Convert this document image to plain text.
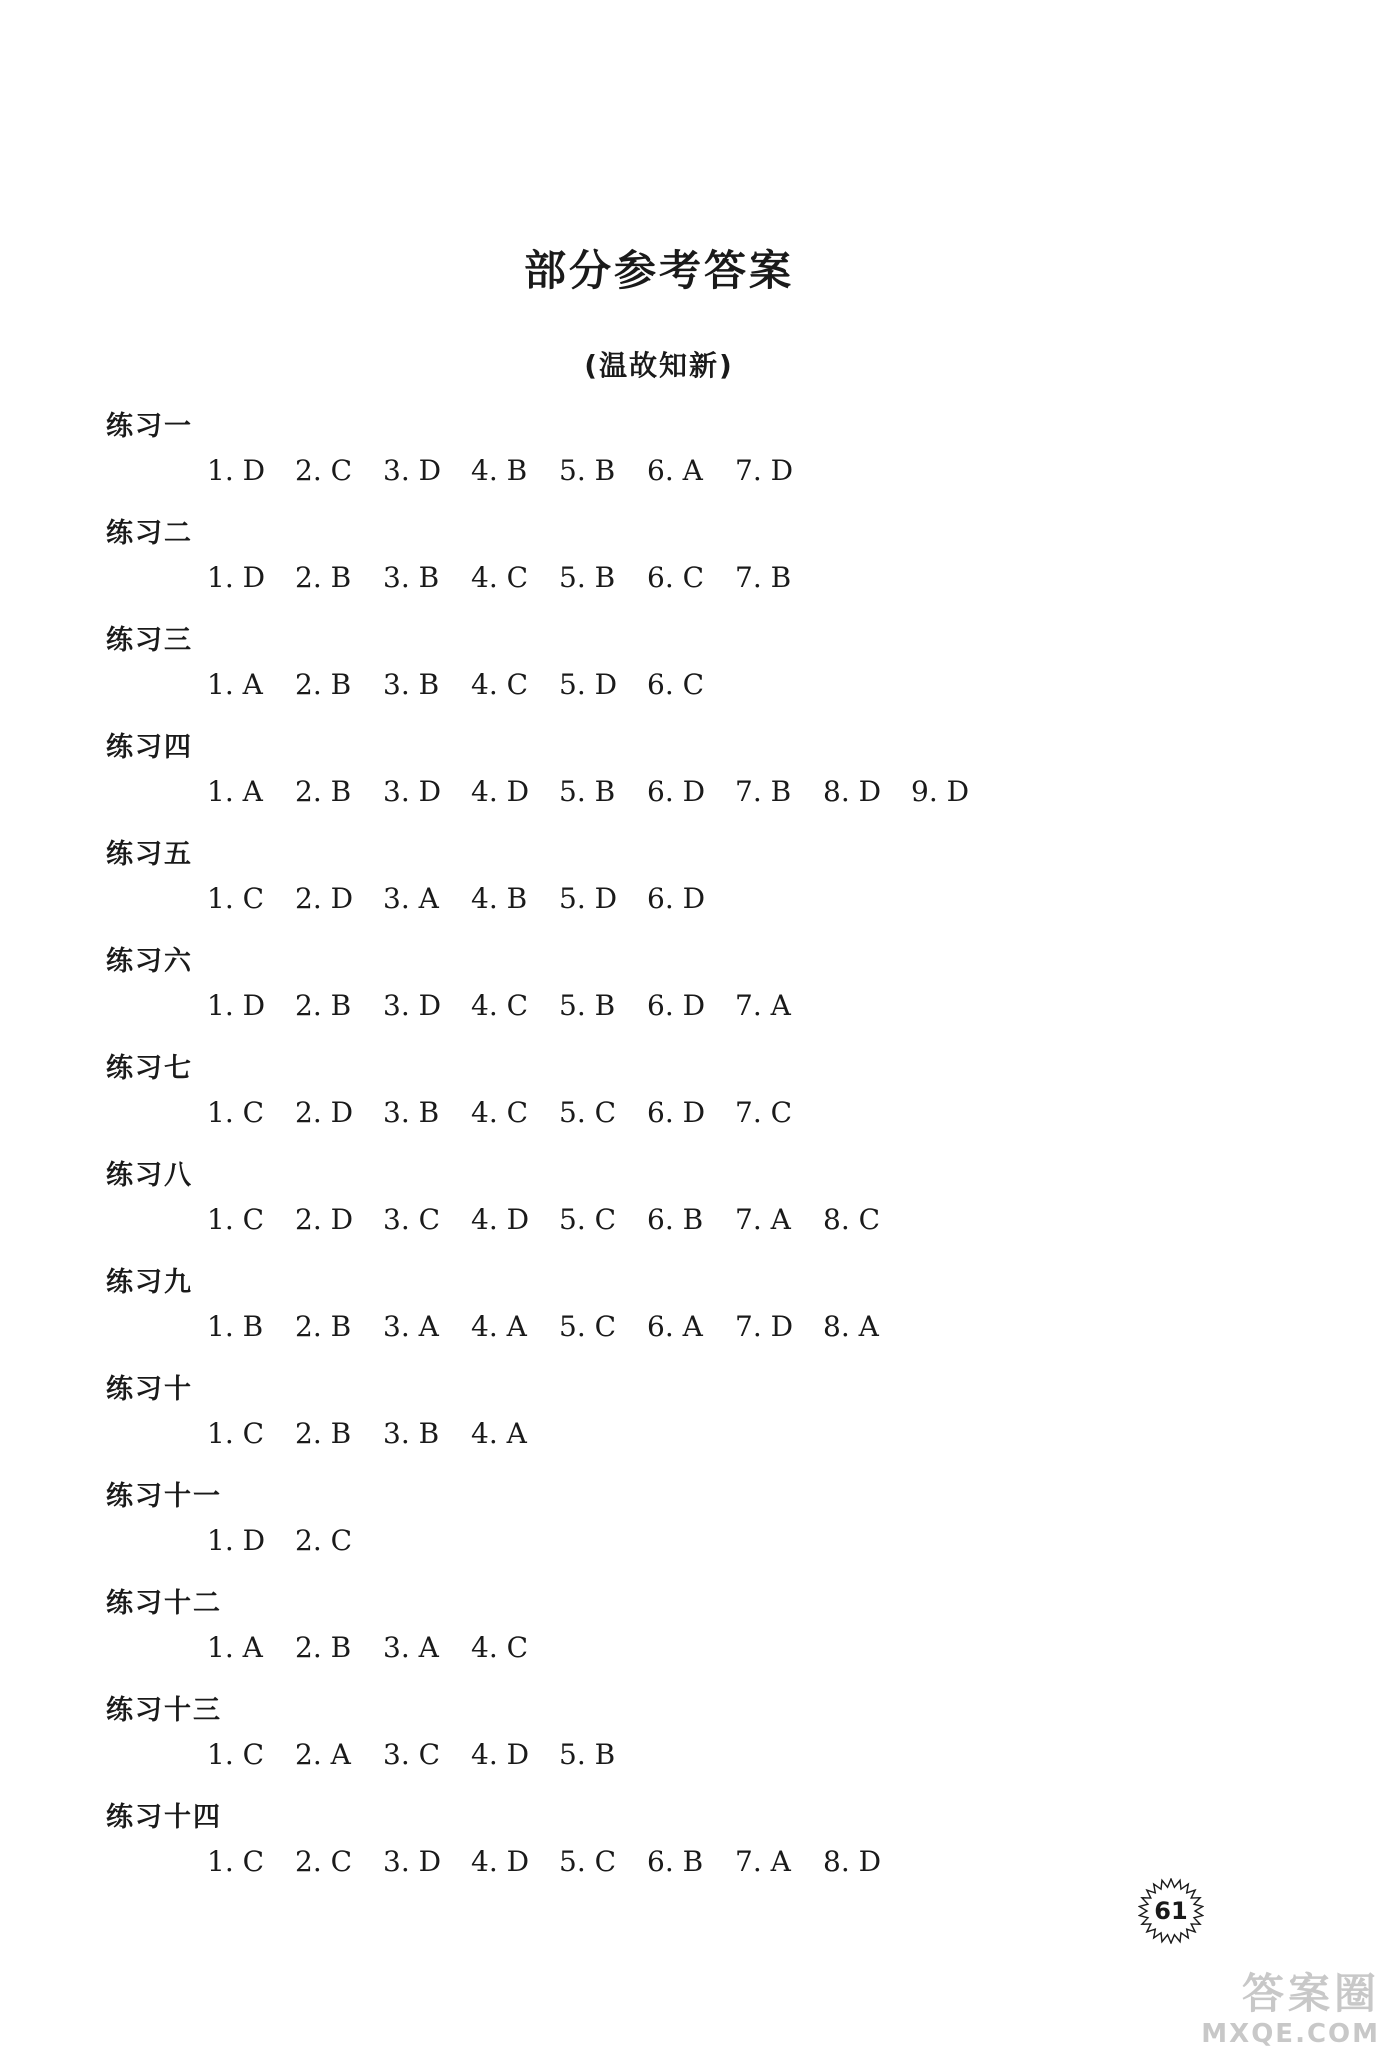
部分参考答案
(温故知新)
练习一
1. D	2. C	3. D	4. B	5. B	6. A	7. D
练习二
1. D	2. B	3. B	4. C	5. B	6. C	7. B
练习三
1. A	2. B	3. B	4. C	5. D	6. C
练习四
1. A	2. B	3. D	4. D	5. B	6. D	7. B	8. D	9. D
练习五
1. C	2. D	3. A	4. B	5. D	6. D
练习六
1. D	2. B	3. D	4. C	5. B	6. D	7. A
练习七
1. C	2. D	3. B	4. C	5. C	6. D	7. C
练习八
1. C	2. D	3. C	4. D	5. C	6. B	7. A	8. C
练习九
1. B	2. B	3. A	4. A	5. C	6. A	7. D	8. A
练习十
1. C	2. B	3. B	4. A
练习十一
1. D	2. C
练习十二
1. A	2. B	3. A	4. C
练习十三
1. C	2. A	3. C	4. D	5. B
练习十四
1. C	2. C	3. D	4. D	5. C	6. B	7. A	8. D
61
答案圈
MXQE.COM
